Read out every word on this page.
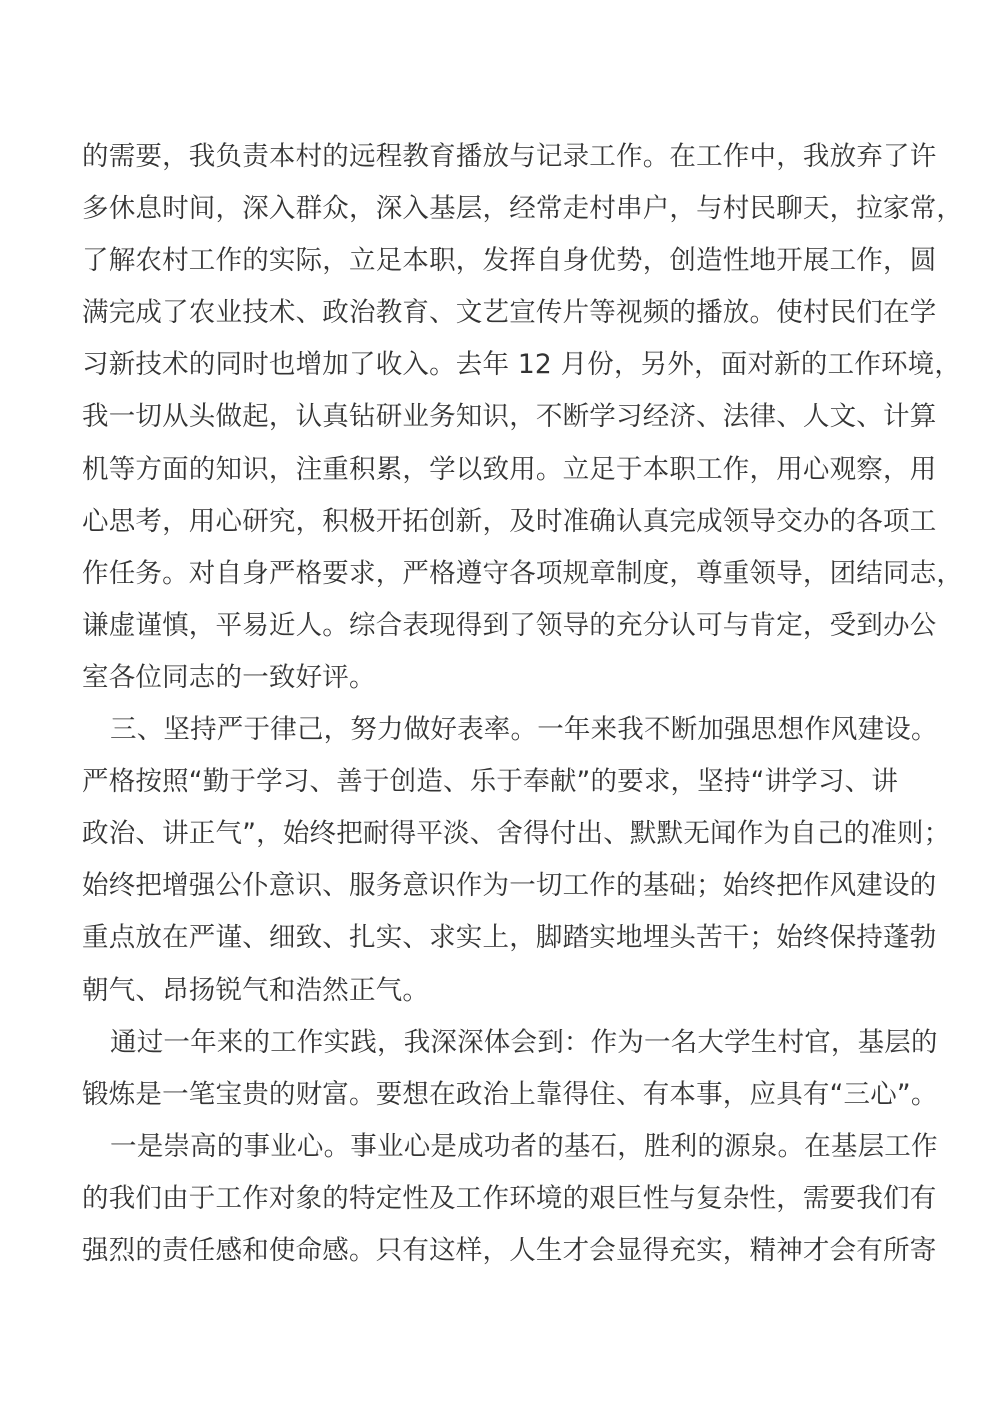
的需要，我负责本村的远程教育播放与记录工作。在工作中，我放弃了许
多休息时间，深入群众，深入基层，经常走村串户，与村民聊天，拉家常，
了解农村工作的实际，立足本职，发挥自身优势，创造性地开展工作，圆
满完成了农业技术、政治教育、文艺宣传片等视频的播放。使村民们在学
习新技术的同时也增加了收入。去年 12 月份，另外，面对新的工作环境，
我一切从头做起，认真钻研业务知识，不断学习经济、法律、人文、计算
机等方面的知识，注重积累，学以致用。立足于本职工作，用心观察，用
心思考，用心研究，积极开拓创新，及时准确认真完成领导交办的各项工
作任务。对自身严格要求，严格遵守各项规章制度，尊重领导，团结同志，
谦虚谨慎，平易近人。综合表现得到了领导的充分认可与肯定，受到办公
室各位同志的一致好评。
三、坚持严于律己，努力做好表率。一年来我不断加强思想作风建设。
严格按照“勤于学习、善于创造、乐于奉献”的要求，坚持“讲学习、讲
政治、讲正气”，始终把耐得平淡、舍得付出、默默无闻作为自己的准则；
始终把增强公仆意识、服务意识作为一切工作的基础；始终把作风建设的
重点放在严谨、细致、扎实、求实上，脚踏实地埋头苦干；始终保持蓬勃
朝气、昂扬锐气和浩然正气。
通过一年来的工作实践，我深深体会到：作为一名大学生村官，基层的
锻炼是一笔宝贵的财富。要想在政治上靠得住、有本事，应具有“三心”。
一是崇高的事业心。事业心是成功者的基石，胜利的源泉。在基层工作
的我们由于工作对象的特定性及工作环境的艰巨性与复杂性，需要我们有
强烈的责任感和使命感。只有这样，人生才会显得充实，精神才会有所寄
